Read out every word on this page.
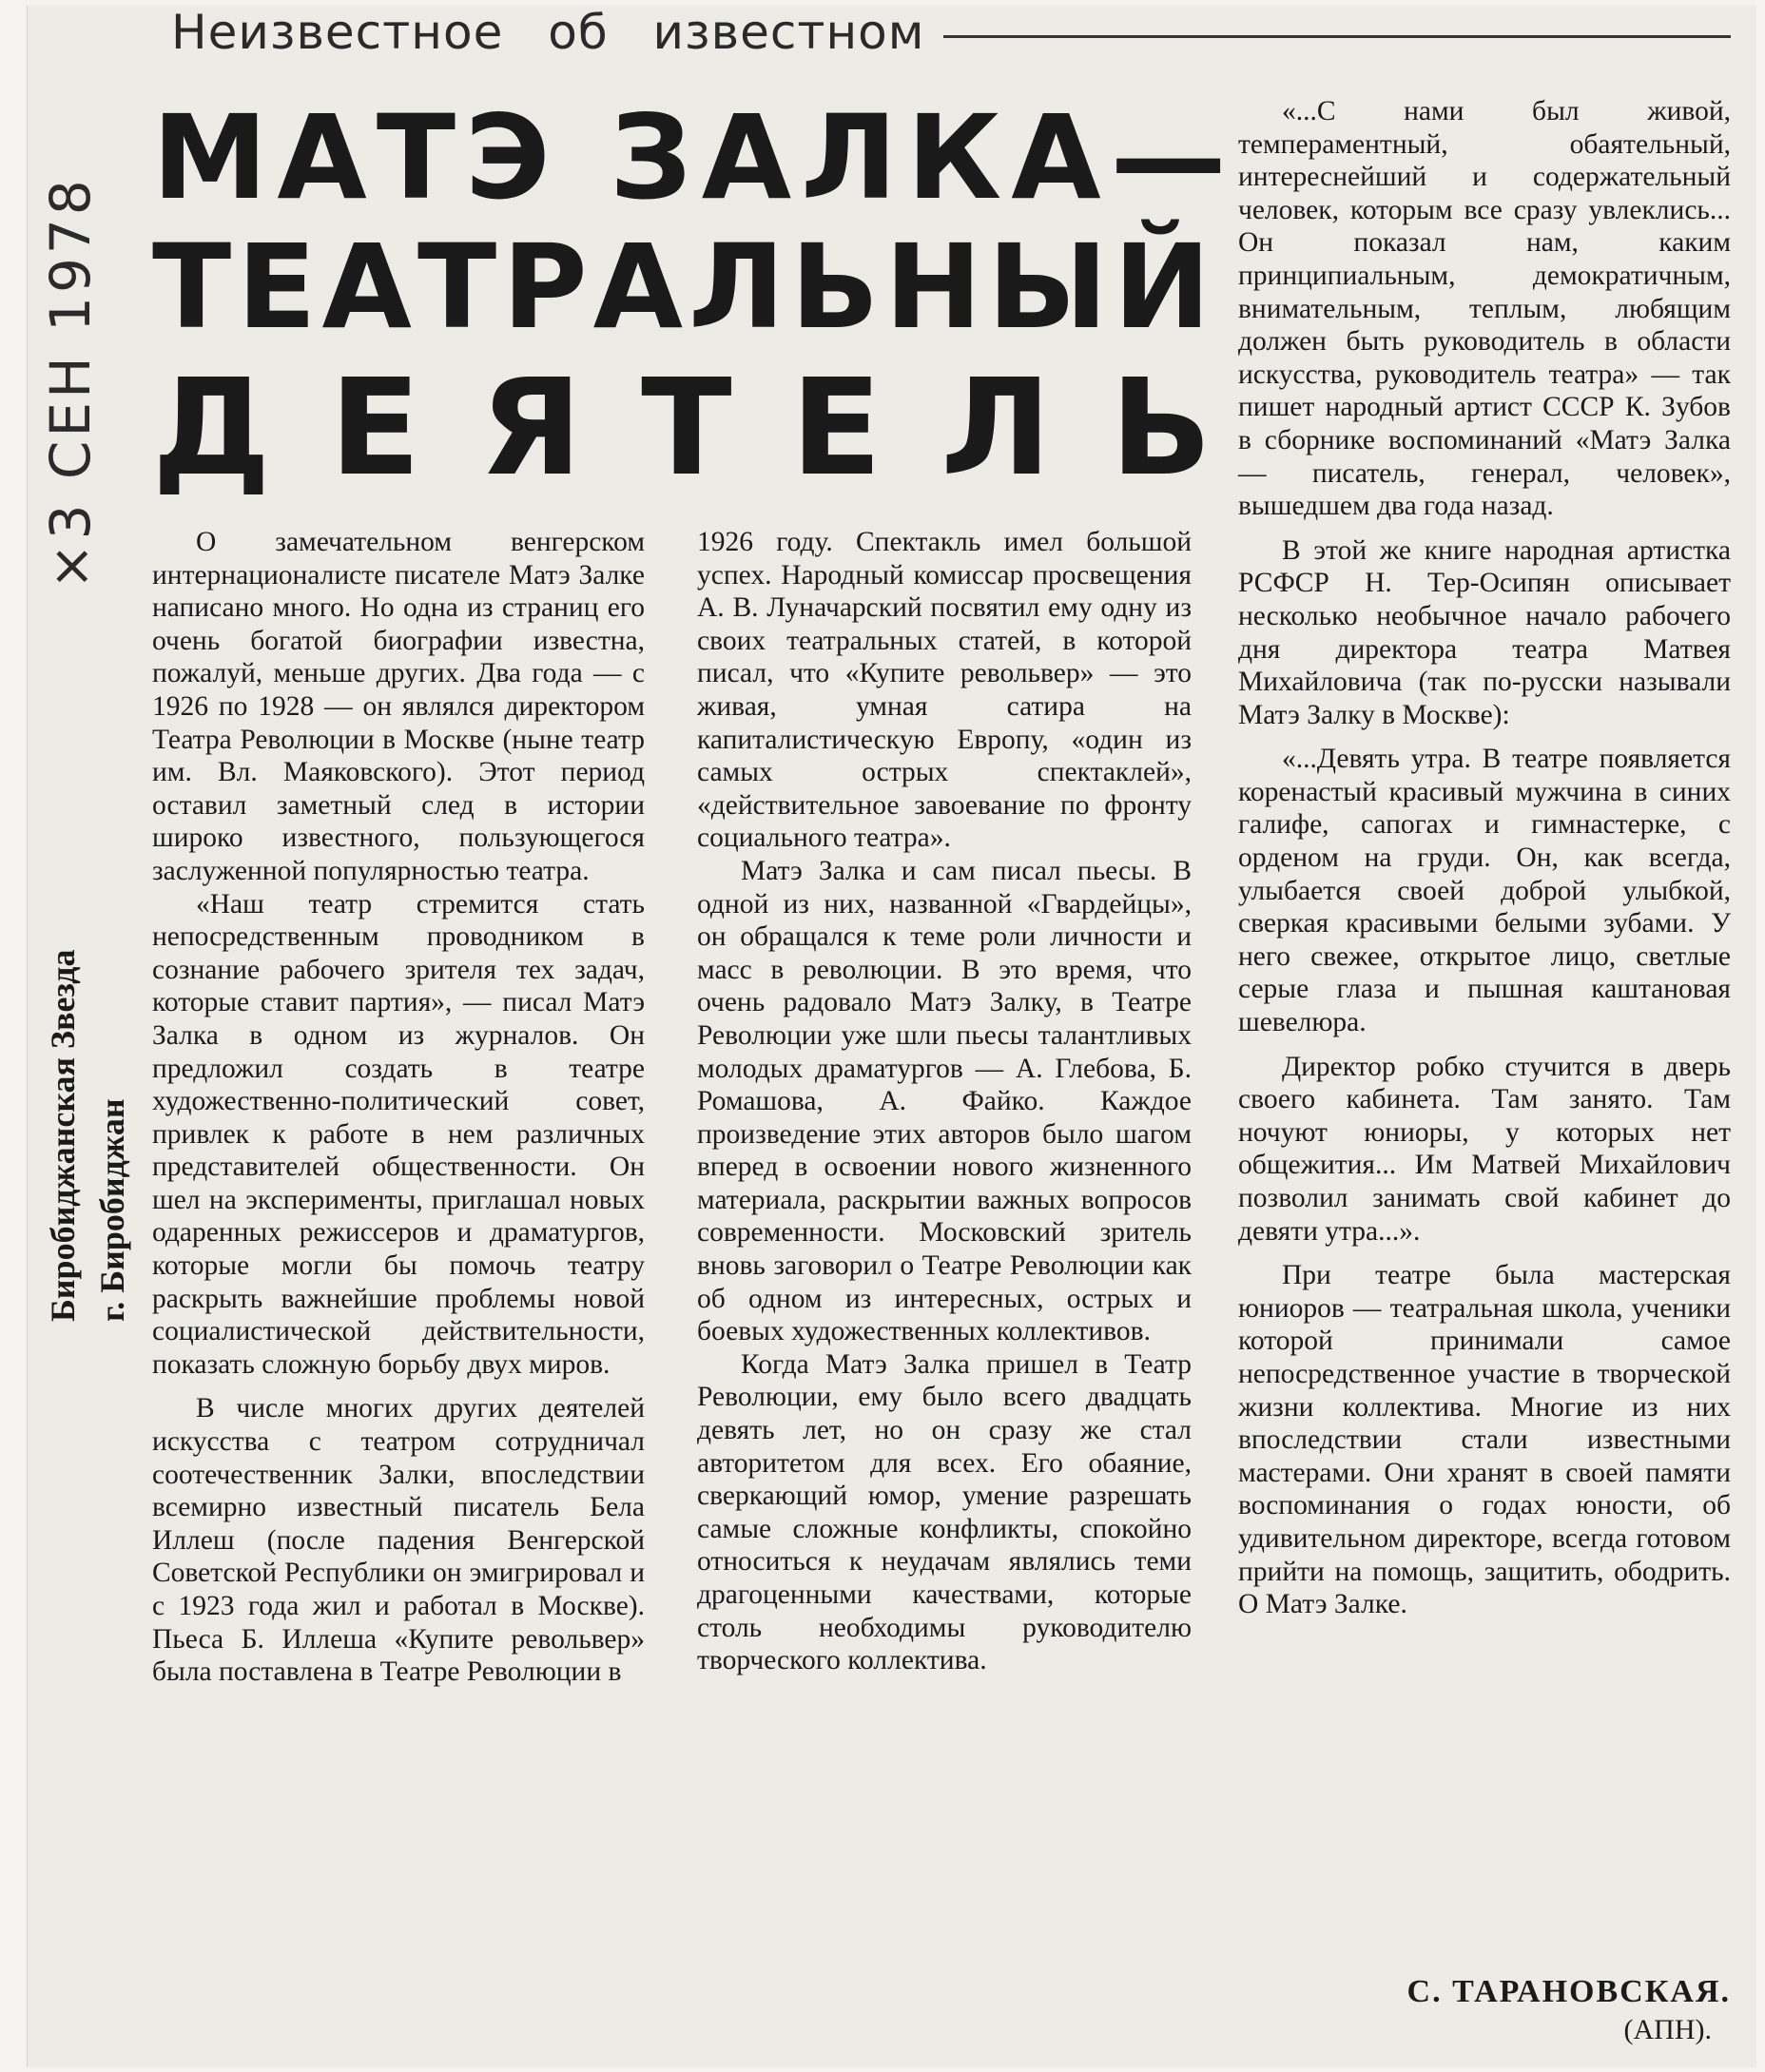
Неизвестное об известном
МАТЭ ЗАЛКА—
ТЕАТРАЛЬНЫЙ
ДЕЯТЕЛЬ
×3 СЕН 1978
Биробиджанская Звезда г. Биробиджан

О замечательном венгерском интернационалисте писателе Матэ Залке написано много. Но одна из страниц его очень богатой биографии известна, пожалуй, меньше других. Два года — с 1926 по 1928 — он являлся директором Театра Революции в Москве (ныне театр им. Вл. Маяковского). Этот период оставил заметный след в истории широко известного, пользующегося заслуженной популярностью театра.

«Наш театр стремится стать непосредственным проводником в сознание рабочего зрителя тех задач, которые ставит партия», — писал Матэ Залка в одном из журналов. Он предложил создать в театре художественно-политический совет, привлек к работе в нем различных представителей общественности. Он шел на эксперименты, приглашал новых одаренных режиссеров и драматургов, которые могли бы помочь театру раскрыть важнейшие проблемы новой социалистической действительности, показать сложную борьбу двух миров.

В числе многих других деятелей искусства с театром сотрудничал соотечественник Залки, впоследствии всемирно известный писатель Бела Иллеш (после падения Венгерской Советской Республики он эмигрировал и с 1923 года жил и работал в Москве). Пьеса Б. Иллеша «Купите револьвер» была поставлена в Театре Революции в

1926 году. Спектакль имел большой успех. Народный комиссар просвещения А. В. Луначарский посвятил ему одну из своих театральных статей, в которой писал, что «Купите револьвер» — это живая, умная сатира на капиталистическую Европу, «один из самых острых спектаклей», «действительное завоевание по фронту социального театра».

Матэ Залка и сам писал пьесы. В одной из них, названной «Гвардейцы», он обращался к теме роли личности и масс в революции. В это время, что очень радовало Матэ Залку, в Театре Революции уже шли пьесы талантливых молодых драматургов — А. Глебова, Б. Ромашова, А. Файко. Каждое произведение этих авторов было шагом вперед в освоении нового жизненного материала, раскрытии важных вопросов современности. Московский зритель вновь заговорил о Театре Революции как об одном из интересных, острых и боевых художественных коллективов.

Когда Матэ Залка пришел в Театр Революции, ему было всего двадцать девять лет, но он сразу же стал авторитетом для всех. Его обаяние, сверкающий юмор, умение разрешать самые сложные конфликты, спокойно относиться к неудачам являлись теми драгоценными качествами, которые столь необходимы руководителю творческого коллектива.

«...С нами был живой, темпераментный, обаятельный, интереснейший и содержательный человек, которым все сразу увлеклись... Он показал нам, каким принципиальным, демократичным, внимательным, теплым, любящим должен быть руководитель в области искусства, руководитель театра» — так пишет народный артист СССР К. Зубов в сборнике воспоминаний «Матэ Залка — писатель, генерал, человек», вышедшем два года назад.

В этой же книге народная артистка РСФСР Н. Тер-Осипян описывает несколько необычное начало рабочего дня директора театра Матвея Михайловича (так по-русски называли Матэ Залку в Москве):

«...Девять утра. В театре появляется коренастый красивый мужчина в синих галифе, сапогах и гимнастерке, с орденом на груди. Он, как всегда, улыбается своей доброй улыбкой, сверкая красивыми белыми зубами. У него свежее, открытое лицо, светлые серые глаза и пышная каштановая шевелюра.

Директор робко стучится в дверь своего кабинета. Там занято. Там ночуют юниоры, у которых нет общежития... Им Матвей Михайлович позволил занимать свой кабинет до девяти утра...».

При театре была мастерская юниоров — театральная школа, ученики которой принимали самое непосредственное участие в творческой жизни коллектива. Многие из них впоследствии стали известными мастерами. Они хранят в своей памяти воспоминания о годах юности, об удивительном директоре, всегда готовом прийти на помощь, защитить, ободрить. О Матэ Залке.

С. ТАРАНОВСКАЯ.
(АПН).
